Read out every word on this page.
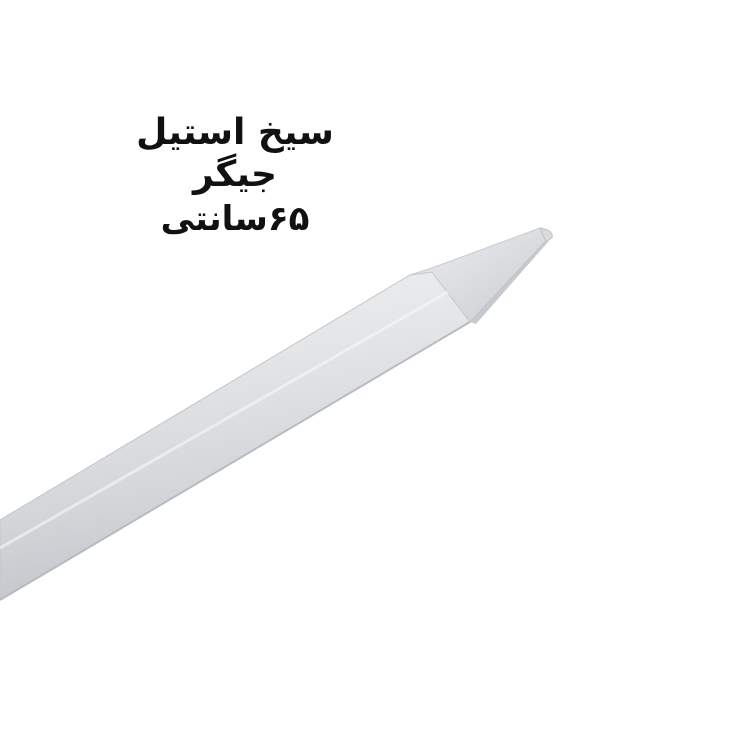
سیخ استیل جیگر
۶۵سانتی
